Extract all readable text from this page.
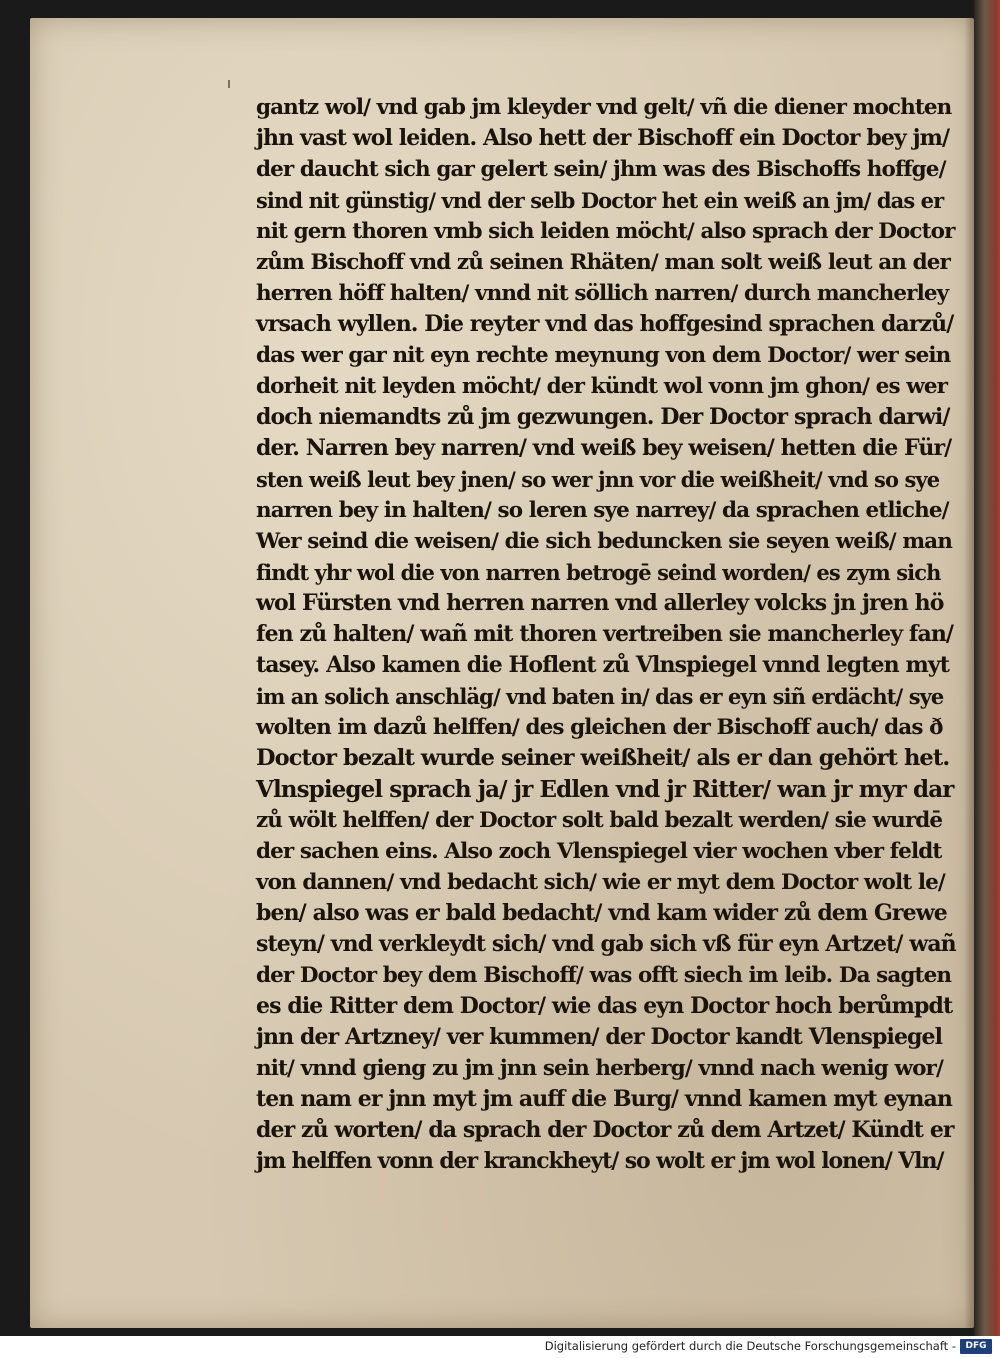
gantz wol/ vnd gab jm kleyder vnd gelt/ vñ die diener mochten
jhn vast wol leiden. Also hett der Bischoff ein Doctor bey jm/
der daucht sich gar gelert sein/ jhm was des Bischoffs hoffge/
sind nit günstig/ vnd der selb Doctor het ein weiß an jm/ das er
nit gern thoren vmb sich leiden möcht/ also sprach der Doctor
zům Bischoff vnd zů seinen Rhäten/ man solt weiß leut an der
herren höff halten/ vnnd nit söllich narren/ durch mancherley
vrsach wyllen. Die reyter vnd das hoffgesind sprachen darzů/
das wer gar nit eyn rechte meynung von dem Doctor/ wer sein
dorheit nit leyden möcht/ der kündt wol vonn jm ghon/ es wer
doch niemandts zů jm gezwungen. Der Doctor sprach darwi/
der. Narren bey narren/ vnd weiß bey weisen/ hetten die Für/
sten weiß leut bey jnen/ so wer jnn vor die weißheit/ vnd so sye
narren bey in halten/ so leren sye narrey/ da sprachen etliche/
Wer seind die weisen/ die sich beduncken sie seyen weiß/ man
findt yhr wol die von narren betrogē seind worden/ es zym sich
wol Fürsten vnd herren narren vnd allerley volcks jn jren hö
fen zů halten/ wañ mit thoren vertreiben sie mancherley fan/
tasey. Also kamen die Hoflent zů Vlnspiegel vnnd legten myt
im an solich anschläg/ vnd baten in/ das er eyn siñ erdächt/ sye
wolten im dazů helffen/ des gleichen der Bischoff auch/ das ð
Doctor bezalt wurde seiner weißheit/ als er dan gehört het.
Vlnspiegel sprach ja/ jr Edlen vnd jr Ritter/ wan jr myr dar
zů wölt helffen/ der Doctor solt bald bezalt werden/ sie wurdē
der sachen eins. Also zoch Vlenspiegel vier wochen vber feldt
von dannen/ vnd bedacht sich/ wie er myt dem Doctor wolt le/
ben/ also was er bald bedacht/ vnd kam wider zů dem Grewe
steyn/ vnd verkleydt sich/ vnd gab sich vß für eyn Artzet/ wañ
der Doctor bey dem Bischoff/ was offt siech im leib. Da sagten
es die Ritter dem Doctor/ wie das eyn Doctor hoch berůmpdt
jnn der Artzney/ ver kummen/ der Doctor kandt Vlenspiegel
nit/ vnnd gieng zu jm jnn sein herberg/ vnnd nach wenig wor/
ten nam er jnn myt jm auff die Burg/ vnnd kamen myt eynan
der zů worten/ da sprach der Doctor zů dem Artzet/ Kündt er
jm helffen vonn der kranckheyt/ so wolt er jm wol lonen/ Vln/
Digitalisierung gefördert durch die Deutsche Forschungsgemeinschaft -	DFG
